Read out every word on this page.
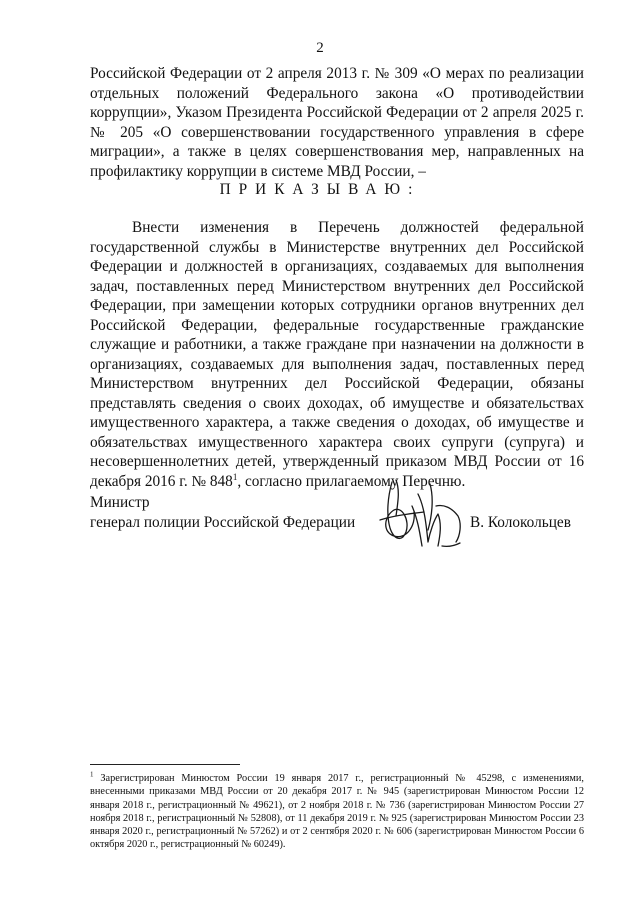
2

Российской Федерации от 2 апреля 2013 г. № 309 «О мерах по реализации отдельных положений Федерального закона «О противодействии коррупции», Указом Президента Российской Федерации от 2 апреля 2025 г. № 205 «О совершенствовании государственного управления в сфере миграции», а также в целях совершенствования мер, направленных на профилактику коррупции в системе МВД России, –

ПРИКАЗЫВАЮ:

Внести изменения в Перечень должностей федеральной государственной службы в Министерстве внутренних дел Российской Федерации и должностей в организациях, создаваемых для выполнения задач, поставленных перед Министерством внутренних дел Российской Федерации, при замещении которых сотрудники органов внутренних дел Российской Федерации, федеральные государственные гражданские служащие и работники, а также граждане при назначении на должности в организациях, создаваемых для выполнения задач, поставленных перед Министерством внутренних дел Российской Федерации, обязаны представлять сведения о своих доходах, об имуществе и обязательствах имущественного характера, а также сведения о доходах, об имуществе и обязательствах имущественного характера своих супруги (супруга) и несовершеннолетних детей, утвержденный приказом МВД России от 16 декабря 2016 г. № 848$^1$, согласно прилагаемому Перечню.

Министр
генерал полиции Российской Федерации	В. Колокольцев

$^1$ Зарегистрирован Минюстом России 19 января 2017 г., регистрационный № 45298, с изменениями, внесенными приказами МВД России от 20 декабря 2017 г. № 945 (зарегистрирован Минюстом России 12 января 2018 г., регистрационный № 49621), от 2 ноября 2018 г. № 736 (зарегистрирован Минюстом России 27 ноября 2018 г., регистрационный № 52808), от 11 декабря 2019 г. № 925 (зарегистрирован Минюстом России 23 января 2020 г., регистрационный № 57262) и от 2 сентября 2020 г. № 606 (зарегистрирован Минюстом России 6 октября 2020 г., регистрационный № 60249).
